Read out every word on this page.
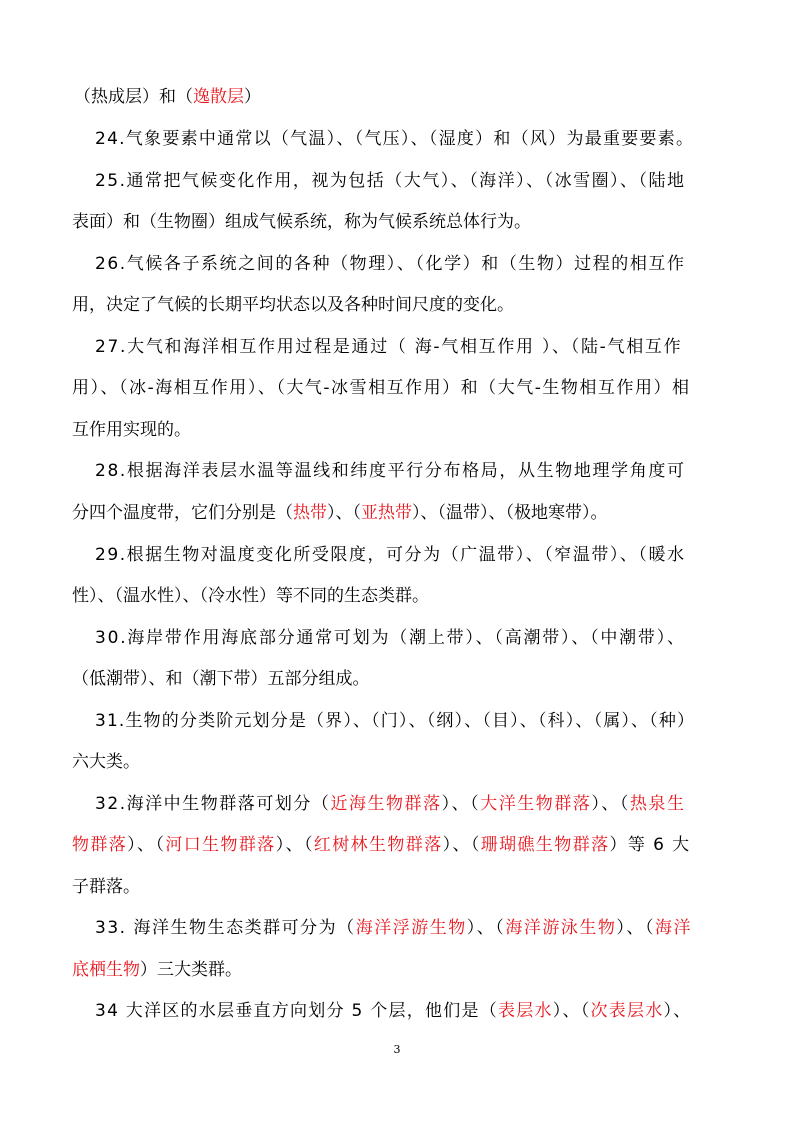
（热成层）和（逸散层）
24.气象要素中通常以（气温）、（气压）、（湿度）和（风）为最重要要素。
25.通常把气候变化作用，视为包括（大气）、（海洋）、（冰雪圈）、（陆地
表面）和（生物圈）组成气候系统，称为气候系统总体行为。
26.气候各子系统之间的各种（物理）、（化学）和（生物）过程的相互作
用，决定了气候的长期平均状态以及各种时间尺度的变化。
27.大气和海洋相互作用过程是通过（ 海-气相互作用 ）、（陆-气相互作
用）、（冰-海相互作用）、（大气-冰雪相互作用）和（大气-生物相互作用）相
互作用实现的。
28.根据海洋表层水温等温线和纬度平行分布格局，从生物地理学角度可
分四个温度带，它们分别是（热带）、（亚热带）、（温带）、（极地寒带）。
29.根据生物对温度变化所受限度，可分为（广温带）、（窄温带）、（暖水
性）、（温水性）、（冷水性）等不同的生态类群。
30.海岸带作用海底部分通常可划为（潮上带）、（高潮带）、（中潮带）、
（低潮带）、和（潮下带）五部分组成。
31.生物的分类阶元划分是（界）、（门）、（纲）、（目）、（科）、（属）、（种）
六大类。
32.海洋中生物群落可划分（近海生物群落）、（大洋生物群落）、（热泉生
物群落）、（河口生物群落）、（红树林生物群落）、（珊瑚礁生物群落）等 6 大
子群落。
33. 海洋生物生态类群可分为（海洋浮游生物）、（海洋游泳生物）、（海洋
底栖生物）三大类群。
34 大洋区的水层垂直方向划分 5 个层，他们是（表层水）、（次表层水）、
3
